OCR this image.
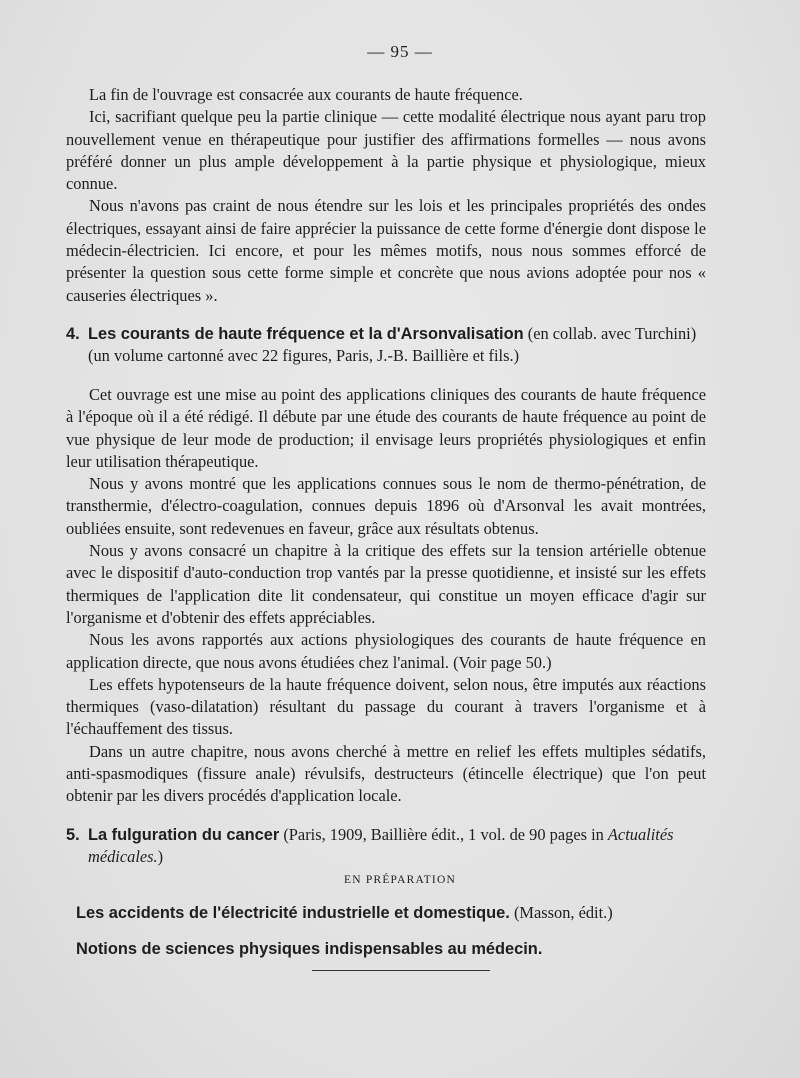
— 95 —

La fin de l'ouvrage est consacrée aux courants de haute fréquence.

Ici, sacrifiant quelque peu la partie clinique — cette modalité électrique nous ayant paru trop nouvellement venue en thérapeutique pour justifier des affirmations formelles — nous avons préféré donner un plus ample développement à la partie physique et physiologique, mieux connue.

Nous n'avons pas craint de nous étendre sur les lois et les principales propriétés des ondes électriques, essayant ainsi de faire apprécier la puissance de cette forme d'énergie dont dispose le médecin-électricien. Ici encore, et pour les mêmes motifs, nous nous sommes efforcé de présenter la question sous cette forme simple et concrète que nous avions adoptée pour nos « causeries électriques ».

4. Les courants de haute fréquence et la d'Arsonvalisation (en collab. avec Turchini) (un volume cartonné avec 22 figures, Paris, J.-B. Baillière et fils.)

Cet ouvrage est une mise au point des applications cliniques des courants de haute fréquence à l'époque où il a été rédigé. Il débute par une étude des courants de haute fréquence au point de vue physique de leur mode de production; il envisage leurs propriétés physiologiques et enfin leur utilisation thérapeutique.

Nous y avons montré que les applications connues sous le nom de thermo-pénétration, de transthermie, d'électro-coagulation, connues depuis 1896 où d'Arsonval les avait montrées, oubliées ensuite, sont redevenues en faveur, grâce aux résultats obtenus.

Nous y avons consacré un chapitre à la critique des effets sur la tension artérielle obtenue avec le dispositif d'auto-conduction trop vantés par la presse quotidienne, et insisté sur les effets thermiques de l'application dite lit condensateur, qui constitue un moyen efficace d'agir sur l'organisme et d'obtenir des effets appréciables.

Nous les avons rapportés aux actions physiologiques des courants de haute fréquence en application directe, que nous avons étudiées chez l'animal. (Voir page 50.)

Les effets hypotenseurs de la haute fréquence doivent, selon nous, être imputés aux réactions thermiques (vaso-dilatation) résultant du passage du courant à travers l'organisme et à l'échauffement des tissus.

Dans un autre chapitre, nous avons cherché à mettre en relief les effets multiples sédatifs, anti-spasmodiques (fissure anale) révulsifs, destructeurs (étincelle électrique) que l'on peut obtenir par les divers procédés d'application locale.

5. La fulguration du cancer (Paris, 1909, Baillière édit., 1 vol. de 90 pages in Actualités médicales.)
EN PRÉPARATION
Les accidents de l'électricité industrielle et domestique. (Masson, édit.)
Notions de sciences physiques indispensables au médecin.
